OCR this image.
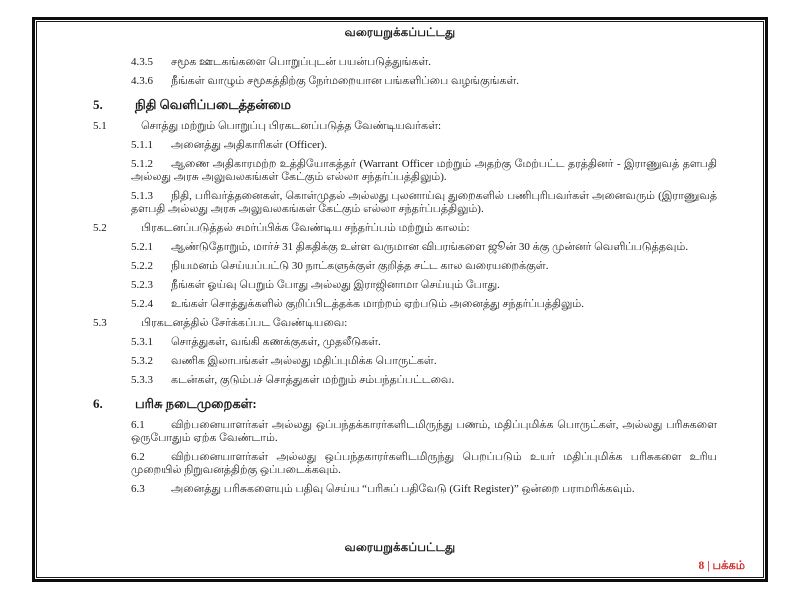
வரையறுக்கப்பட்டது

4.3.5 சமூக ஊடகங்களை பொறுப்புடன் பயன்படுத்துங்கள்.

4.3.6 நீங்கள் வாழும் சமூகத்திற்கு நேர்மறையான பங்களிப்பை வழங்குங்கள்.

5. நிதி வெளிப்படைத்தன்மை

5.1	சொத்து மற்றும் பொறுப்பு பிரகடனப்படுத்த வேண்டியவர்கள்:

5.1.1 அனைத்து அதிகாரிகள் (Officer).

5.1.2 ஆணை அதிகாரமற்ற உத்தியோகத்தர் (Warrant Officer மற்றும் அதற்கு மேற்பட்ட தரத்தினர் - இராணுவத் தளபதி அல்லது அரசு அலுவலகங்கள் கேட்கும் எல்லா சந்தர்ப்பத்திலும்).

5.1.3 நிதி, பரிவர்த்தனைகள், கொள்முதல் அல்லது புலனாய்வு துறைகளில் பணிபுரிபவர்கள் அனைவரும் (இராணுவத் தளபதி அல்லது அரசு அலுவலகங்கள் கேட்கும் எல்லா சந்தர்ப்பத்திலும்).

5.2	பிரகடனப்படுத்தல் சமர்ப்பிக்க வேண்டிய சந்தர்ப்பம் மற்றும் காலம்:

5.2.1 ஆண்டுதோறும், மார்ச் 31 திகதிக்கு உள்ள வருமான விபரங்களை ஜூன் 30 க்கு முன்னர் வெளிப்படுத்தவும்.

5.2.2 நியமனம் செய்யப்பட்டு 30 நாட்களுக்குள் குறித்த சட்ட கால வரையறைக்குள்.

5.2.3 நீங்கள் ஓய்வு பெறும் போது அல்லது இராஜினாமா செய்யும் போது.

5.2.4 உங்கள் சொத்துக்களில் குறிப்பிடத்தக்க மாற்றம் ஏற்படும் அனைத்து சந்தர்ப்பத்திலும்.

5.3	பிரகடனத்தில் சேர்க்கப்பட வேண்டியவை:

5.3.1 சொத்துகள், வங்கி கணக்குகள், முதலீடுகள்.

5.3.2 வணிக இலாபங்கள் அல்லது மதிப்புமிக்க பொருட்கள்.

5.3.3 கடன்கள், குடும்பச் சொத்துகள் மற்றும் சம்பந்தப்பட்டவை.

6. பரிசு நடைமுறைகள்:

6.1 விற்பனையாளர்கள் அல்லது ஒப்பந்தக்காரர்களிடமிருந்து பணம், மதிப்புமிக்க பொருட்கள், அல்லது பரிசுகளை ஒருபோதும் ஏற்க வேண்டாம்.

6.2 விற்பனையாளர்கள் அல்லது ஒப்பந்தகாரர்களிடமிருந்து பெறப்படும் உயர் மதிப்புமிக்க பரிசுகளை உரிய முறையில் நிறுவனத்திற்கு ஒப்படைக்கவும்.

6.3 அனைத்து பரிசுகளையும் பதிவு செய்ய “பரிசுப் பதிவேடு (Gift Register)” ஒன்றை பராமரிக்கவும்.

வரையறுக்கப்பட்டது
8 | பக்கம்
